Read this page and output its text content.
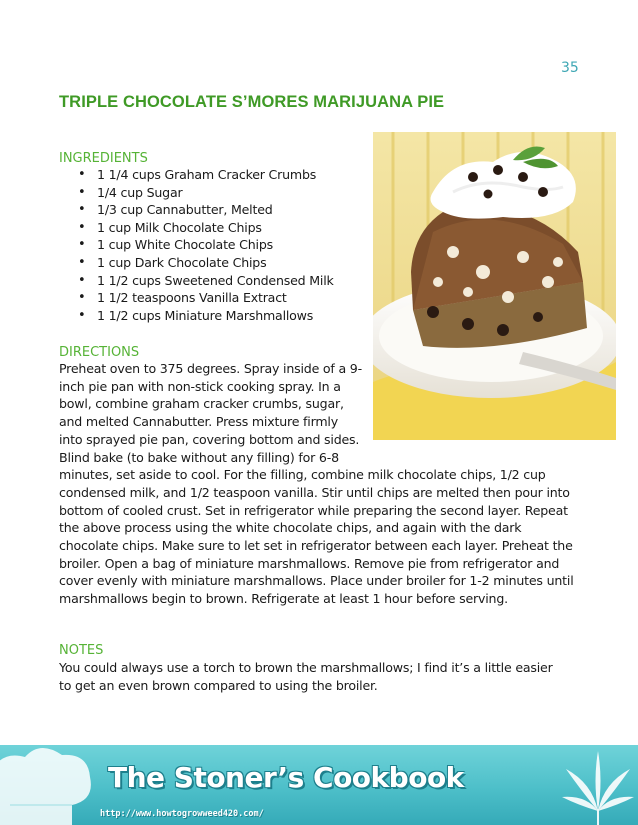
35
TRIPLE CHOCOLATE S’MORES MARIJUANA PIE
INGREDIENTS
• 1 1/4 cups Graham Cracker Crumbs
• 1/4 cup Sugar
• 1/3 cup Cannabutter, Melted
• 1 cup Milk Chocolate Chips
• 1 cup White Chocolate Chips
• 1 cup Dark Chocolate Chips
• 1 1/2 cups Sweetened Condensed Milk
• 1 1/2 teaspoons Vanilla Extract
• 1 1/2 cups Miniature Marshmallows
DIRECTIONS

Preheat oven to 375 degrees. Spray inside of a 9-inch pie pan with non-stick cooking spray. In a bowl, combine graham cracker crumbs, sugar, and melted Cannabutter. Press mixture firmly into sprayed pie pan, covering bottom and sides. Blind bake (to bake without any filling) for 6-8 minutes, set aside to cool. For the filling, combine milk chocolate chips, 1/2 cup condensed milk, and 1/2 teaspoon vanilla. Stir until chips are melted then pour into bottom of cooled crust. Set in refrigerator while preparing the second layer. Repeat the above process using the white chocolate chips, and again with the dark chocolate chips. Make sure to let set in refrigerator between each layer. Preheat the broiler. Open a bag of miniature marshmallows. Remove pie from refrigerator and cover evenly with miniature marshmallows. Place under broiler for 1-2 minutes until marshmallows begin to brown. Refrigerate at least 1 hour before serving.

NOTES

You could always use a torch to brown the marshmallows; I find it’s a little easier to get an even brown compared to using the broiler.

The Stoner’s Cookbook
http://www.howtogrowweed420.com/
